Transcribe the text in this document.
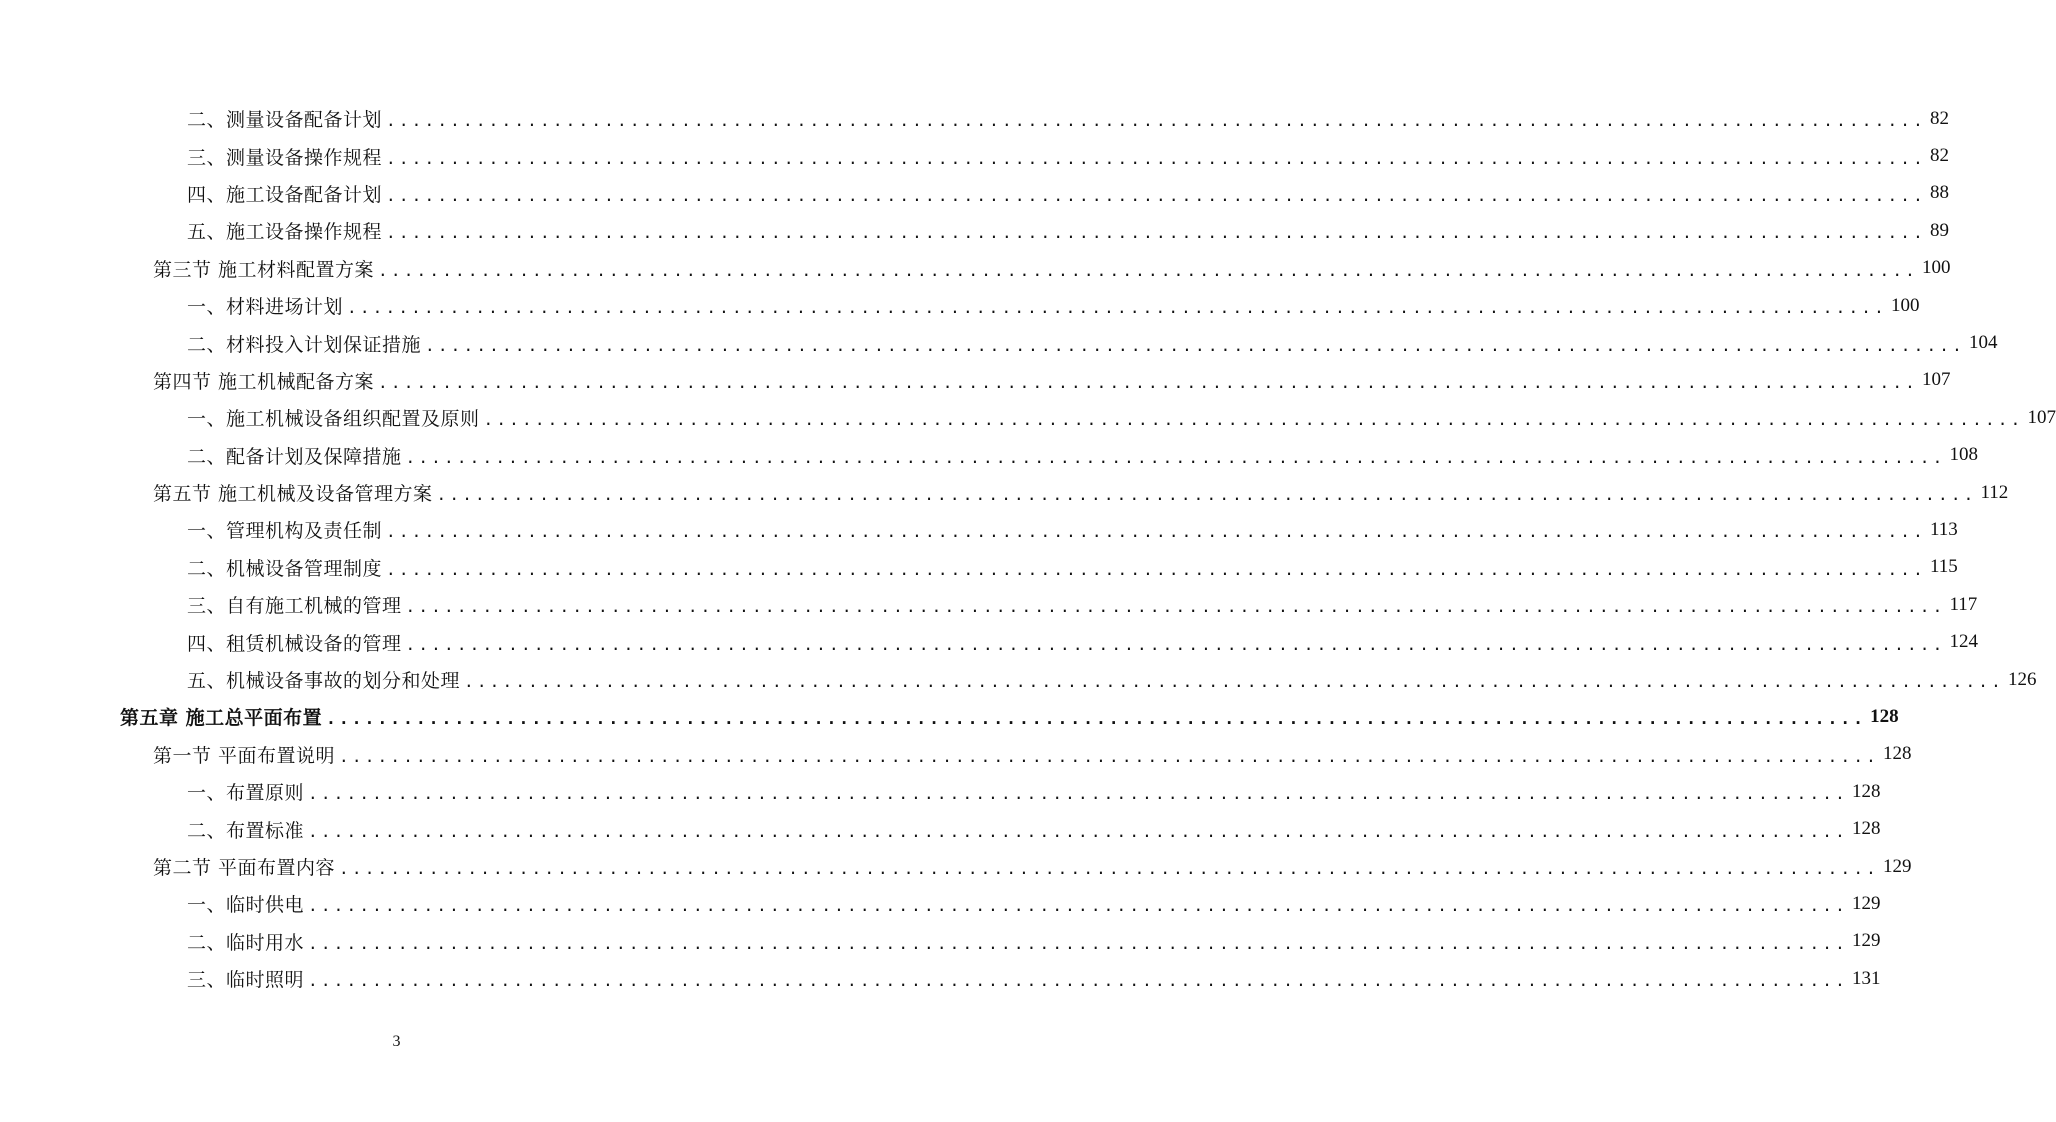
二、测量设备配备计划 ........................................................................................................................ 82
三、测量设备操作规程 ........................................................................................................................ 82
四、施工设备配备计划 ........................................................................................................................ 88
五、施工设备操作规程 ........................................................................................................................ 89
第三节 施工材料配置方案 ........................................................................................................................ 100
一、材料进场计划 ........................................................................................................................ 100
二、材料投入计划保证措施 ........................................................................................................................ 104
第四节 施工机械配备方案 ........................................................................................................................ 107
一、施工机械设备组织配置及原则 ........................................................................................................................ 107
二、配备计划及保障措施 ........................................................................................................................ 108
第五节 施工机械及设备管理方案 ........................................................................................................................ 112
一、管理机构及责任制 ........................................................................................................................ 113
二、机械设备管理制度 ........................................................................................................................ 115
三、自有施工机械的管理 ........................................................................................................................ 117
四、租赁机械设备的管理 ........................................................................................................................ 124
五、机械设备事故的划分和处理 ........................................................................................................................ 126
第五章 施工总平面布置 ........................................................................................................................ 128
第一节 平面布置说明 ........................................................................................................................ 128
一、布置原则 ........................................................................................................................ 128
二、布置标准 ........................................................................................................................ 128
第二节 平面布置内容 ........................................................................................................................ 129
一、临时供电 ........................................................................................................................ 129
二、临时用水 ........................................................................................................................ 129
三、临时照明 ........................................................................................................................ 131
3
